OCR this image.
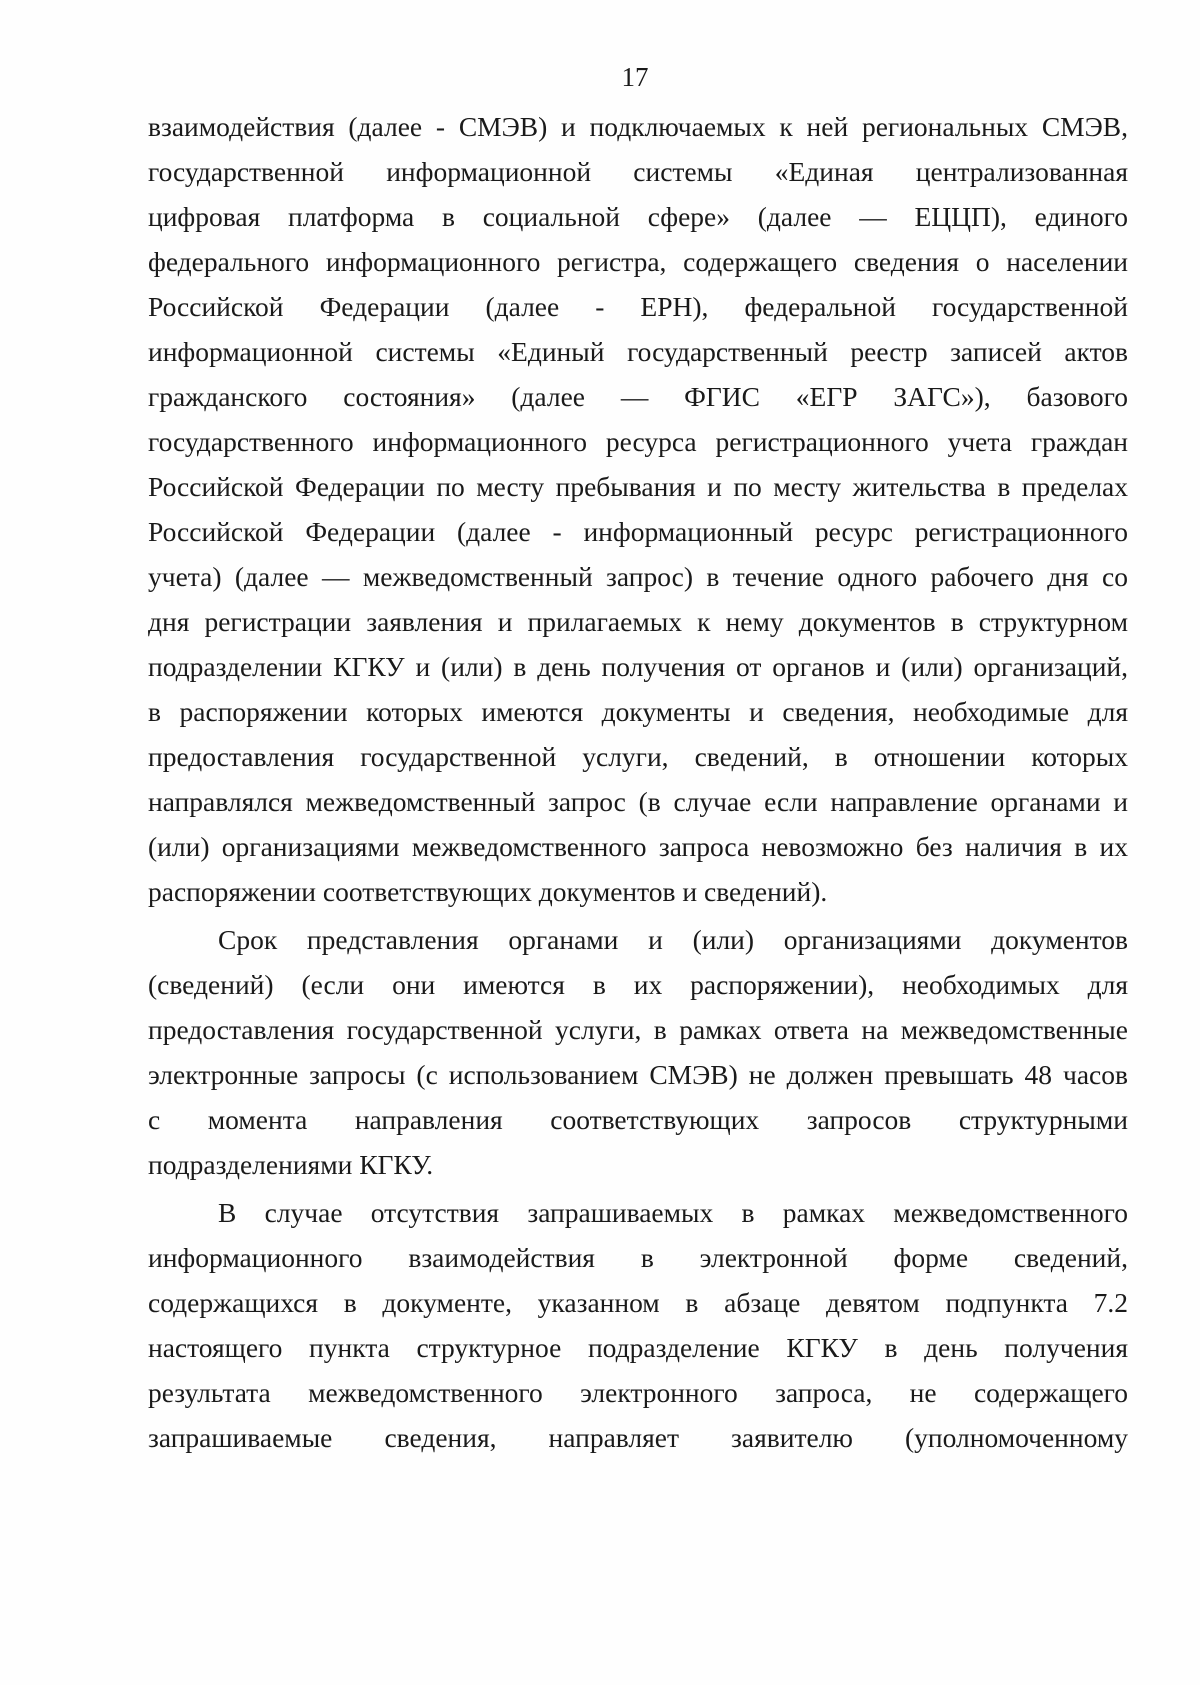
17
взаимодействия (далее - СМЭВ) и подключаемых к ней региональных СМЭВ,
государственной информационной системы «Единая централизованная
цифровая платформа в социальной сфере» (далее — ЕЦЦП), единого
федерального информационного регистра, содержащего сведения о населении
Российской Федерации (далее - ЕРН), федеральной государственной
информационной системы «Единый государственный реестр записей актов
гражданского состояния» (далее — ФГИС «ЕГР ЗАГС»), базового
государственного информационного ресурса регистрационного учета граждан
Российской Федерации по месту пребывания и по месту жительства в пределах
Российской Федерации (далее - информационный ресурс регистрационного
учета) (далее — межведомственный запрос) в течение одного рабочего дня со
дня регистрации заявления и прилагаемых к нему документов в структурном
подразделении КГКУ и (или) в день получения от органов и (или) организаций,
в распоряжении которых имеются документы и сведения, необходимые для
предоставления государственной услуги, сведений, в отношении которых
направлялся межведомственный запрос (в случае если направление органами и
(или) организациями межведомственного запроса невозможно без наличия в их
распоряжении соответствующих документов и сведений).
Срок представления органами и (или) организациями документов
(сведений) (если они имеются в их распоряжении), необходимых для
предоставления государственной услуги, в рамках ответа на межведомственные
электронные запросы (с использованием СМЭВ) не должен превышать 48 часов
с момента направления соответствующих запросов структурными
подразделениями КГКУ.
В случае отсутствия запрашиваемых в рамках межведомственного
информационного взаимодействия в электронной форме сведений,
содержащихся в документе, указанном в абзаце девятом подпункта 7.2
настоящего пункта структурное подразделение КГКУ в день получения
результата межведомственного электронного запроса, не содержащего
запрашиваемые сведения, направляет заявителю (уполномоченному
